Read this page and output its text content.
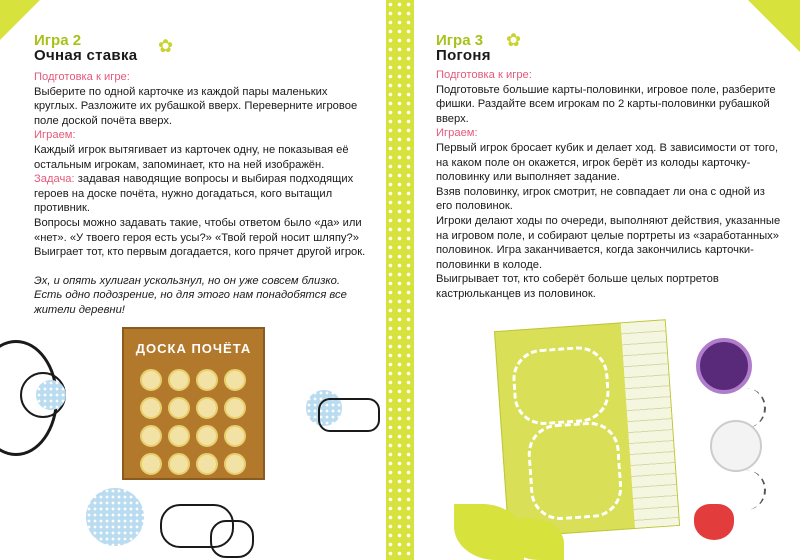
✿
Игра 2
Очная ставка
Подготовка к игре:

Выберите по одной карточке из каждой пары маленьких круглых. Разложите их рубашкой вверх. Переверните игровое поле доской почёта вверх.

Играем:

Каждый игрок вытягивает из карточек одну, не показывая её остальным игрокам, запоминает, кто на ней изображён.

Задача: задавая наводящие вопросы и выбирая подходящих героев на доске почёта, нужно догадаться, кого вытащил противник.

Вопросы можно задавать такие, чтобы ответом было «да» или «нет». «У твоего героя есть усы?» «Твой герой носит шляпу?»

Выиграет тот, кто первым догадается, кого прячет другой игрок.

Эх, и опять хулиган ускользнул, но он уже совсем близко. Есть одно подозрение, но для этого нам понадобятся все жители деревни!

ДОСКА ПОЧЁТА
✿
Игра 3
Погоня
Подготовка к игре:

Подготовьте большие карты-половинки, игровое поле, разберите фишки. Раздайте всем игрокам по 2 карты-половинки рубашкой вверх.

Играем:

Первый игрок бросает кубик и делает ход. В зависимости от того, на каком поле он окажется, игрок берёт из колоды карточку-половинку или выполняет задание.

Взяв половинку, игрок смотрит, не совпадает ли она с одной из его половинок.

Игроки делают ходы по очереди, выполняют действия, указанные на игровом поле, и собирают целые портреты из «заработанных» половинок. Игра заканчивается, когда закончились карточки-половинки в колоде.

Выигрывает тот, кто соберёт больше целых портретов кастрюльканцев из половинок.
